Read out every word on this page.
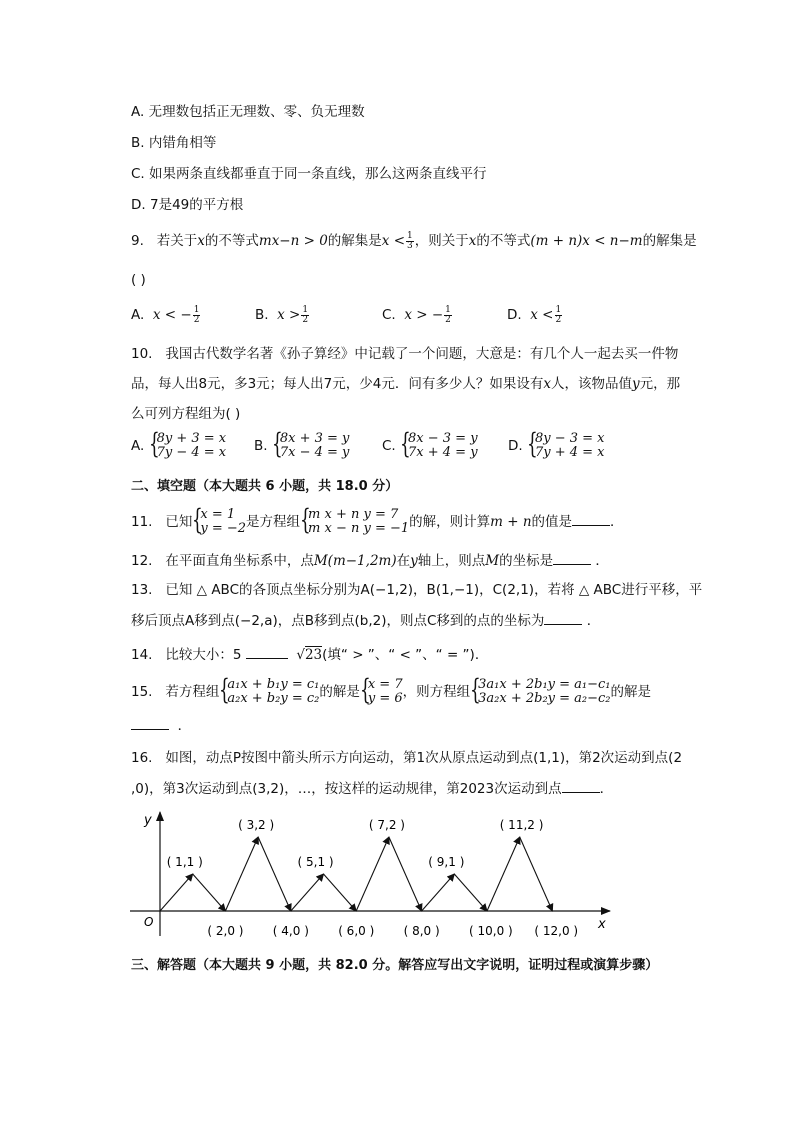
A. 无理数包括正无理数、零、负无理数
B. 内错角相等
C. 如果两条直线都垂直于同一条直线，那么这两条直线平行
D. 7是49的平方根
9. 若关于x的不等式mx−n > 0的解集是$x < \frac{1}{3}$ ，则关于x的不等式(m + n)x < n−m的解集是
( )
A. x < − $\frac{1}{2}$	B. $x > \frac{1}{2}$	C. x > − $\frac{1}{2}$	D. $x < \frac{1}{2}$
10. 我国古代数学名著《孙子算经》中记载了一个问题，大意是：有几个人一起去买一件物
品，每人出8元，多3元；每人出7元，少4元．问有多少人？如果设有x人，该物品值y元，那
么可列方程组为( )
A. {
8y + 3 = x
7y − 4 = x B. {
8x + 3 = y
7x − 4 = y C. {
8x − 3 = y
7x + 4 = y D. {
8y − 3 = x
7y + 4 = x
二、填空题（本大题共 6 小题，共 18.0 分）
11. 已知 {
x = 1
y = −2 是方程组 {
m x + n y = 7
m x − n y = −1 的解，则计算m + n的值是	．
12. 在平面直角坐标系中，点M(m−1,2m)在y轴上，则点M的坐标是	．
13. 已知 △ ABC的各顶点坐标分别为A(−1,2)，B(1,−1)，C(2,1)，若将 △ ABC进行平移，平
移后顶点A移到点(−2,a)，点B移到点(b,2)，则点C移到的点的坐标为	．
14. 比较大小：5	√23(填“ > ”、“ < ”、“ = ”)．
15. 若方程组 {
a₁x + b₁y = c₁
a₂x + b₂y = c₂ 的解是 {
x = 7
y = 6 ，则方程组 {
3a₁x + 2b₁y = a₁−c₁
3a₂x + 2b₂y = a₂−c₂ 的解是
．
16. 如图，动点P按图中箭头所示方向运动，第1次从原点运动到点(1,1)，第2次运动到点(2
,0)，第3次运动到点(3,2)，…，按这样的运动规律，第2023次运动到点	．
x
y
O
( 1,1 )
( 2,0 )
( 3,2 )
( 4,0 )
( 5,1 )
( 6,0 )
( 7,2 )
( 8,0 )
( 9,1 )
( 10,0 )
( 11,2 )
( 12,0 )
三、解答题（本大题共 9 小题，共 82.0 分。解答应写出文字说明，证明过程或演算步骤）
